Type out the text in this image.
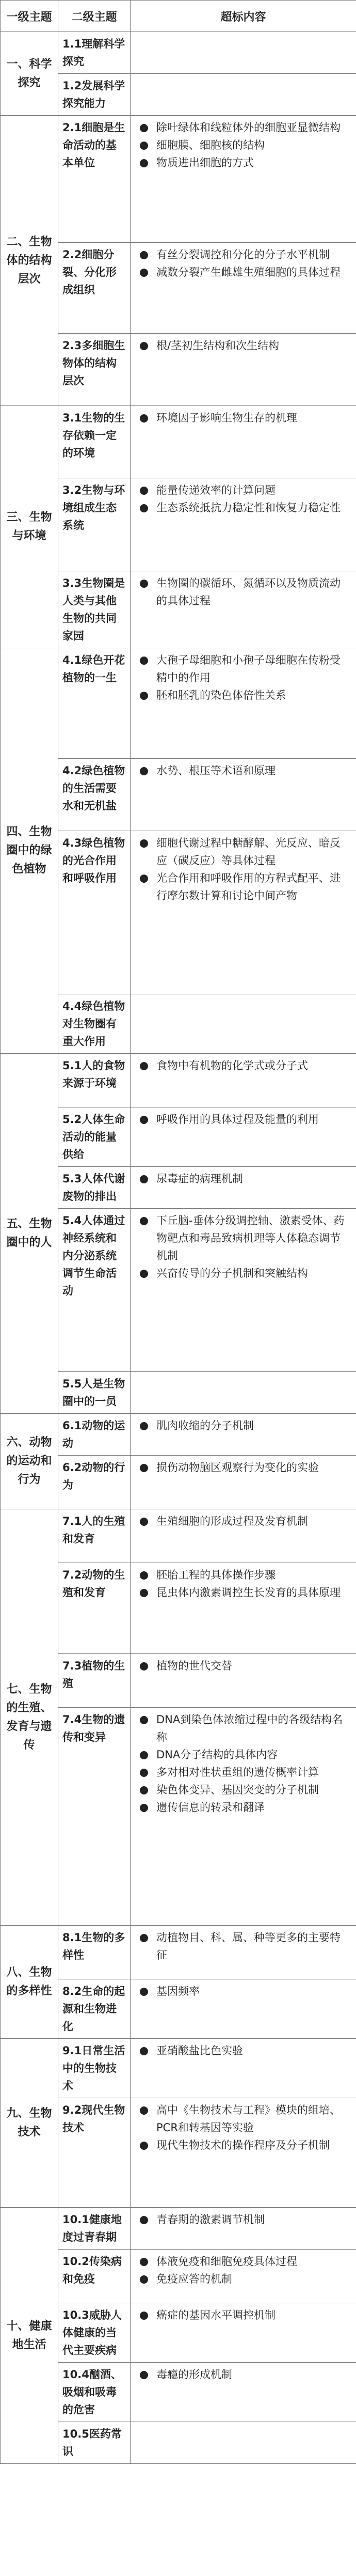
一级主题	二级主题	超标内容
一、科学探究	1.1理解科学探究	
	1.2发展科学探究能力	
二、生物体的结构层次	2.1细胞是生命活动的基本单位	除叶绿体和线粒体外的细胞亚显微结构
细胞膜、细胞核的结构
物质进出细胞的方式

	2.2细胞分裂、分化形成组织	有丝分裂调控和分化的分子水平机制
减数分裂产生雌雄生殖细胞的具体过程

	2.3多细胞生物体的结构层次	根/茎初生结构和次生结构

三、生物与环境	3.1生物的生存依赖一定的环境	环境因子影响生物生存的机理

	3.2生物与环境组成生态系统	能量传递效率的计算问题
生态系统抵抗力稳定性和恢复力稳定性

	3.3生物圈是人类与其他生物的共同家园	生物圈的碳循环、氮循环以及物质流动的具体过程

四、生物圈中的绿色植物	4.1绿色开花植物的一生	大孢子母细胞和小孢子母细胞在传粉受精中的作用
胚和胚乳的染色体倍性关系

	4.2绿色植物的生活需要水和无机盐	水势、根压等术语和原理

	4.3绿色植物的光合作用和呼吸作用	细胞代谢过程中糖酵解、光反应、暗反应（碳反应）等具体过程
光合作用和呼吸作用的方程式配平、进行摩尔数计算和讨论中间产物

	4.4绿色植物对生物圈有重大作用	
五、生物圈中的人	5.1人的食物来源于环境	食物中有机物的化学式或分子式

	5.2人体生命活动的能量供给	呼吸作用的具体过程及能量的利用

	5.3人体代谢废物的排出	尿毒症的病理机制

	5.4人体通过神经系统和内分泌系统调节生命活动	下丘脑-垂体分级调控轴、激素受体、药物靶点和毒品致病机理等人体稳态调节机制
兴奋传导的分子机制和突触结构

	5.5人是生物圈中的一员	
六、动物的运动和行为	6.1动物的运动	肌肉收缩的分子机制

	6.2动物的行为	损伤动物脑区观察行为变化的实验

七、生物的生殖、发育与遗传	7.1人的生殖和发育	生殖细胞的形成过程及发育机制

	7.2动物的生殖和发育	胚胎工程的具体操作步骤
昆虫体内激素调控生长发育的具体原理

	7.3植物的生殖	植物的世代交替

	7.4生物的遗传和变异	DNA到染色体浓缩过程中的各级结构名称
DNA分子结构的具体内容
多对相对性状重组的遗传概率计算
染色体变异、基因突变的分子机制
遗传信息的转录和翻译

八、生物的多样性	8.1生物的多样性	动植物目、科、属、种等更多的主要特征

	8.2生命的起源和生物进化	基因频率

九、生物技术	9.1日常生活中的生物技术	亚硝酸盐比色实验

	9.2现代生物技术	高中《生物技术与工程》模块的组培、PCR和转基因等实验
现代生物技术的操作程序及分子机制

十、健康地生活	10.1健康地度过青春期	青春期的激素调节机制

	10.2传染病和免疫	体液免疫和细胞免疫具体过程
免疫应答的机制

	10.3威胁人体健康的当代主要疾病	癌症的基因水平调控机制

	10.4酗酒、吸烟和吸毒的危害	毒瘾的形成机制

	10.5医药常识	
